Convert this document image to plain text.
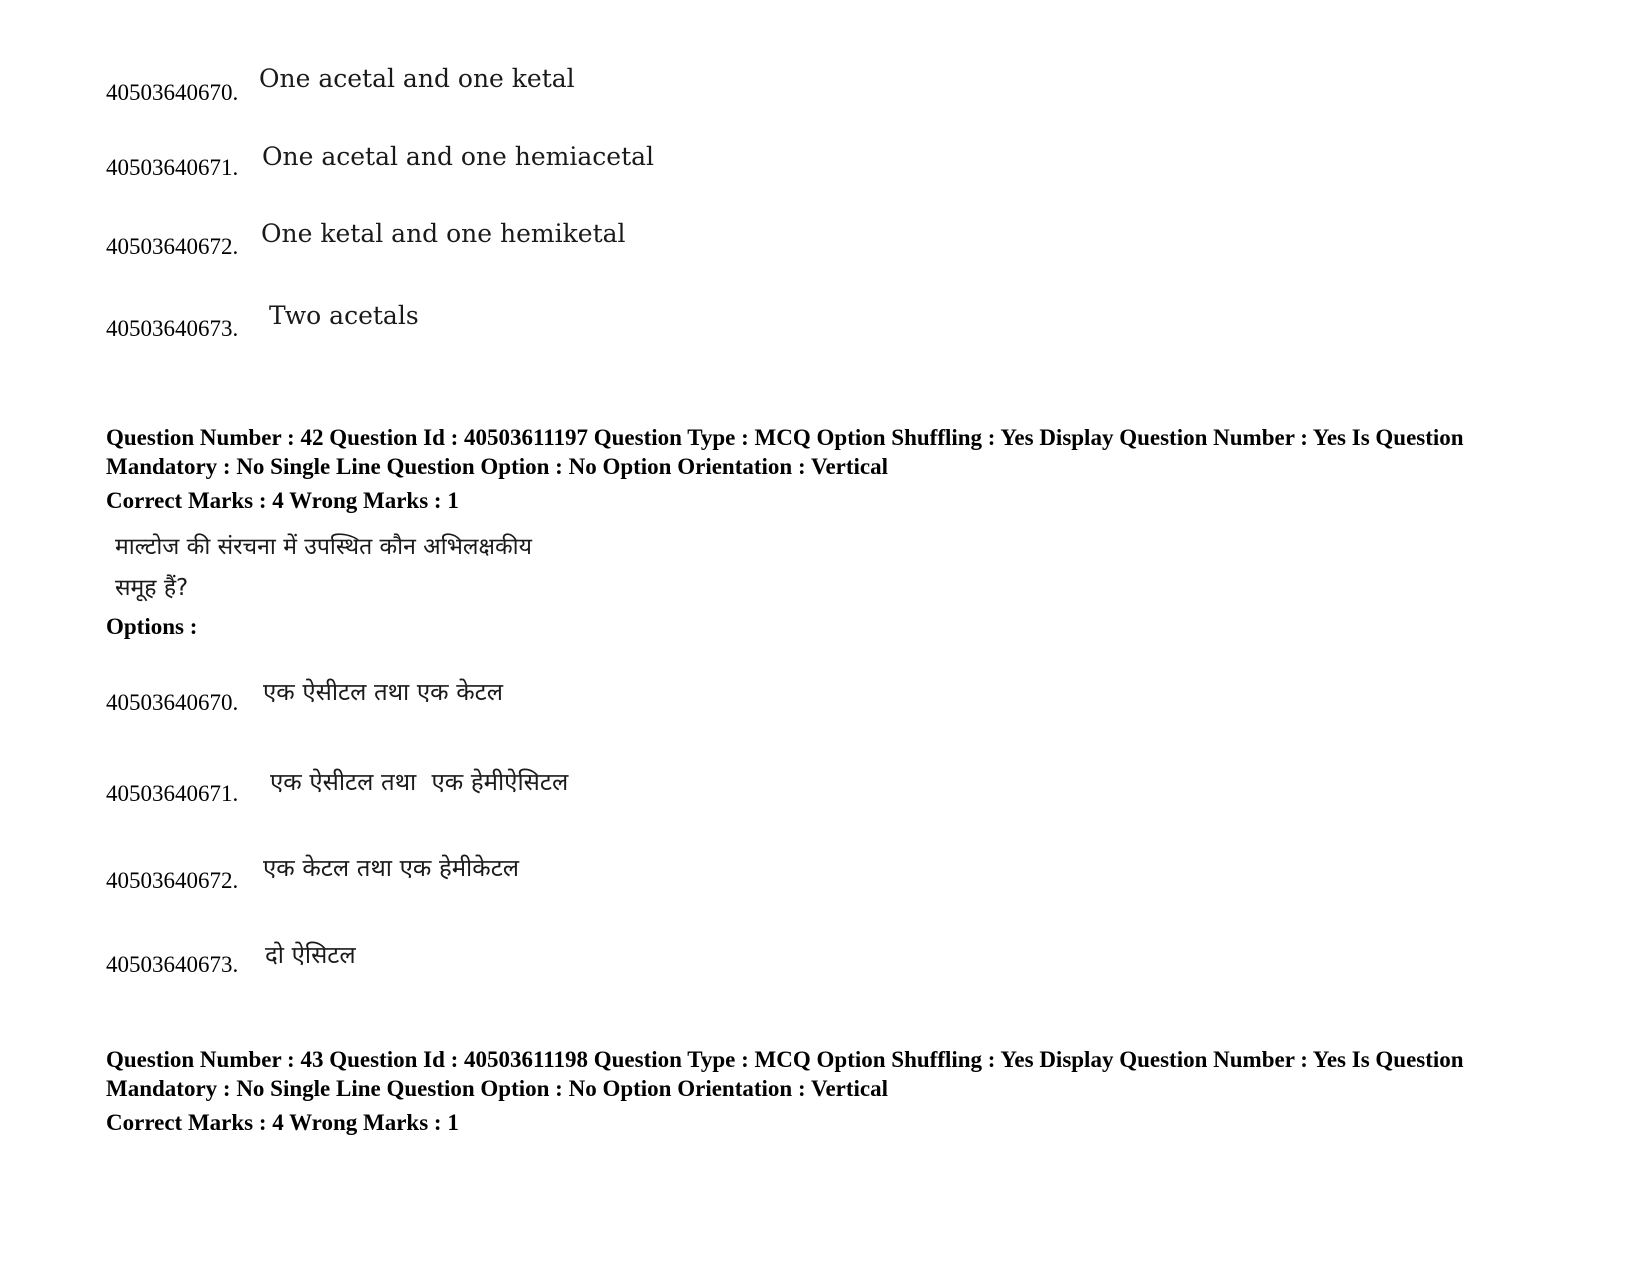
40503640670. One acetal and one ketal
40503640671. One acetal and one hemiacetal
40503640672. One ketal and one hemiketal
40503640673. Two acetals
Question Number : 42 Question Id : 40503611197 Question Type : MCQ Option Shuffling : Yes Display Question Number : Yes Is Question Mandatory : No Single Line Question Option : No Option Orientation : Vertical
Correct Marks : 4 Wrong Marks : 1
माल्टोज की संरचना में उपस्थित कौन अभिलक्षकीय
समूह हैं?
Options :
40503640670. एक ऐसीटल तथा एक केटल
40503640671. एक ऐसीटल तथा  एक हेमीऐसिटल
40503640672. एक केटल तथा एक हेमीकेटल
40503640673. दो ऐसिटल
Question Number : 43 Question Id : 40503611198 Question Type : MCQ Option Shuffling : Yes Display Question Number : Yes Is Question Mandatory : No Single Line Question Option : No Option Orientation : Vertical
Correct Marks : 4 Wrong Marks : 1
